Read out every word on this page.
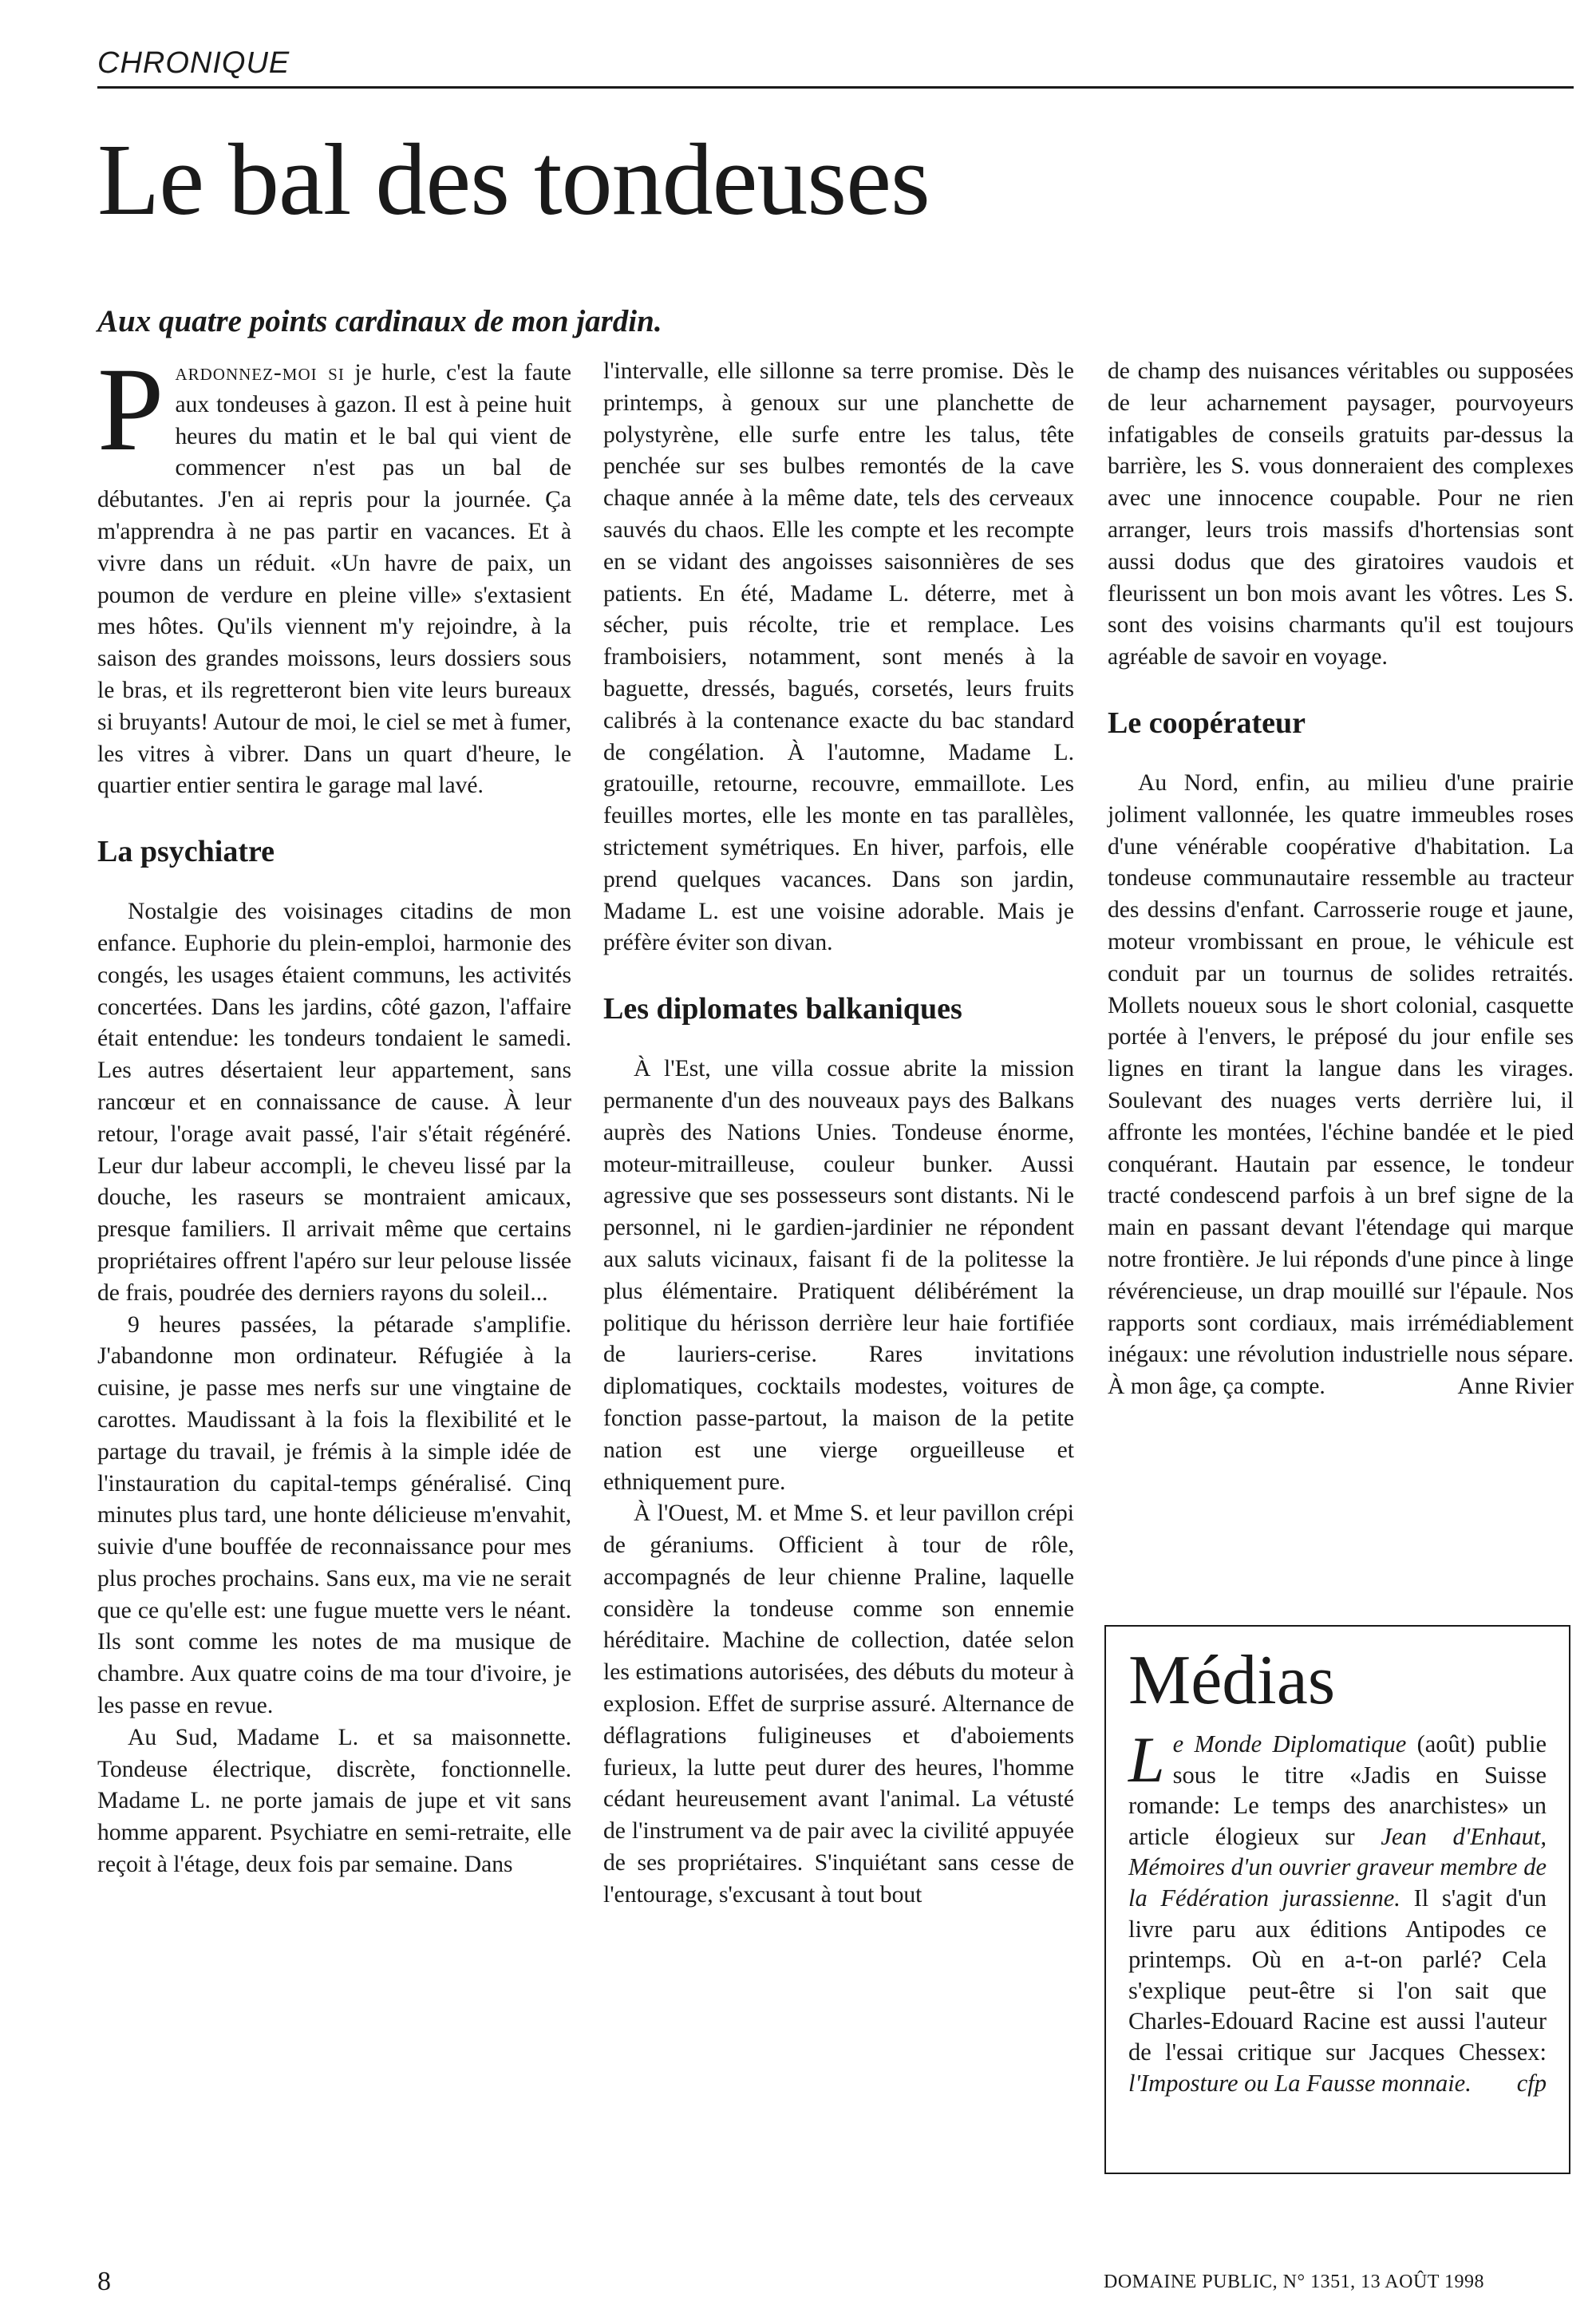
CHRONIQUE
Le bal des tondeuses
Aux quatre points cardinaux de mon jardin.

Pardonnez-moi si je hurle, c'est la faute aux tondeuses à gazon. Il est à peine huit heures du matin et le bal qui vient de commencer n'est pas un bal de débutantes. J'en ai repris pour la journée. Ça m'apprendra à ne pas partir en vacances. Et à vivre dans un réduit. «Un havre de paix, un poumon de verdure en pleine ville» s'extasient mes hôtes. Qu'ils viennent m'y rejoindre, à la saison des grandes moissons, leurs dossiers sous le bras, et ils regretteront bien vite leurs bureaux si bruyants! Autour de moi, le ciel se met à fumer, les vitres à vibrer. Dans un quart d'heure, le quartier entier sentira le garage mal lavé.

La psychiatre

Nostalgie des voisinages citadins de mon enfance. Euphorie du plein-emploi, harmonie des congés, les usages étaient communs, les activités concertées. Dans les jardins, côté gazon, l'affaire était entendue: les tondeurs tondaient le samedi. Les autres désertaient leur appartement, sans rancœur et en connaissance de cause. À leur retour, l'orage avait passé, l'air s'était régénéré. Leur dur labeur accompli, le cheveu lissé par la douche, les raseurs se montraient amicaux, presque familiers. Il arrivait même que certains propriétaires offrent l'apéro sur leur pelouse lissée de frais, poudrée des derniers rayons du soleil...

9 heures passées, la pétarade s'amplifie. J'abandonne mon ordinateur. Réfugiée à la cuisine, je passe mes nerfs sur une vingtaine de carottes. Maudissant à la fois la flexibilité et le partage du travail, je frémis à la simple idée de l'instauration du capital-temps généralisé. Cinq minutes plus tard, une honte délicieuse m'envahit, suivie d'une bouffée de reconnaissance pour mes plus proches prochains. Sans eux, ma vie ne serait que ce qu'elle est: une fugue muette vers le néant. Ils sont comme les notes de ma musique de chambre. Aux quatre coins de ma tour d'ivoire, je les passe en revue.

Au Sud, Madame L. et sa maisonnette. Tondeuse électrique, discrète, fonctionnelle. Madame L. ne porte jamais de jupe et vit sans homme apparent. Psychiatre en semi-retraite, elle reçoit à l'étage, deux fois par semaine. Dans

l'intervalle, elle sillonne sa terre promise. Dès le printemps, à genoux sur une planchette de polystyrène, elle surfe entre les talus, tête penchée sur ses bulbes remontés de la cave chaque année à la même date, tels des cerveaux sauvés du chaos. Elle les compte et les recompte en se vidant des angoisses saisonnières de ses patients. En été, Madame L. déterre, met à sécher, puis récolte, trie et remplace. Les framboisiers, notamment, sont menés à la baguette, dressés, bagués, corsetés, leurs fruits calibrés à la contenance exacte du bac standard de congélation. À l'automne, Madame L. gratouille, retourne, recouvre, emmaillote. Les feuilles mortes, elle les monte en tas parallèles, strictement symétriques. En hiver, parfois, elle prend quelques vacances. Dans son jardin, Madame L. est une voisine adorable. Mais je préfère éviter son divan.

Les diplomates balkaniques

À l'Est, une villa cossue abrite la mission permanente d'un des nouveaux pays des Balkans auprès des Nations Unies. Tondeuse énorme, moteur-mitrailleuse, couleur bunker. Aussi agressive que ses possesseurs sont distants. Ni le personnel, ni le gardien-jardinier ne répondent aux saluts vicinaux, faisant fi de la politesse la plus élémentaire. Pratiquent délibérément la politique du hérisson derrière leur haie fortifiée de lauriers-cerise. Rares invitations diplomatiques, cocktails modestes, voitures de fonction passe-partout, la maison de la petite nation est une vierge orgueilleuse et ethniquement pure.

À l'Ouest, M. et Mme S. et leur pavillon crépi de géraniums. Officient à tour de rôle, accompagnés de leur chienne Praline, laquelle considère la tondeuse comme son ennemie héréditaire. Machine de collection, datée selon les estimations autorisées, des débuts du moteur à explosion. Effet de surprise assuré. Alternance de déflagrations fuligineuses et d'aboiements furieux, la lutte peut durer des heures, l'homme cédant heureusement avant l'animal. La vétusté de l'instrument va de pair avec la civilité appuyée de ses propriétaires. S'inquiétant sans cesse de l'entourage, s'excusant à tout bout

de champ des nuisances véritables ou supposées de leur acharnement paysager, pourvoyeurs infatigables de conseils gratuits par-dessus la barrière, les S. vous donneraient des complexes avec une innocence coupable. Pour ne rien arranger, leurs trois massifs d'hortensias sont aussi dodus que des giratoires vaudois et fleurissent un bon mois avant les vôtres. Les S. sont des voisins charmants qu'il est toujours agréable de savoir en voyage.

Le coopérateur

Au Nord, enfin, au milieu d'une prairie joliment vallonnée, les quatre immeubles roses d'une vénérable coopérative d'habitation. La tondeuse communautaire ressemble au tracteur des dessins d'enfant. Carrosserie rouge et jaune, moteur vrombissant en proue, le véhicule est conduit par un tournus de solides retraités. Mollets noueux sous le short colonial, casquette portée à l'envers, le préposé du jour enfile ses lignes en tirant la langue dans les virages. Soulevant des nuages verts derrière lui, il affronte les montées, l'échine bandée et le pied conquérant. Hautain par essence, le tondeur tracté condescend parfois à un bref signe de la main en passant devant l'étendage qui marque notre frontière. Je lui réponds d'une pince à linge révérencieuse, un drap mouillé sur l'épaule. Nos rapports sont cordiaux, mais irrémédiablement inégaux: une révolution industrielle nous sépare. À mon âge, ça compte.	Anne Rivier

Médias
Le Monde Diplomatique (août) publie sous le titre «Jadis en Suisse romande: Le temps des anarchistes» un article élogieux sur Jean d'Enhaut, Mémoires d'un ouvrier graveur membre de la Fédération jurassienne. Il s'agit d'un livre paru aux éditions Antipodes ce printemps. Où en a-t-on parlé? Cela s'explique peut-être si l'on sait que Charles-Edouard Racine est aussi l'auteur de l'essai critique sur Jacques Chessex: l'Imposture ou La Fausse monnaie. cfp
8	DOMAINE PUBLIC, N° 1351, 13 AOÛT 1998
